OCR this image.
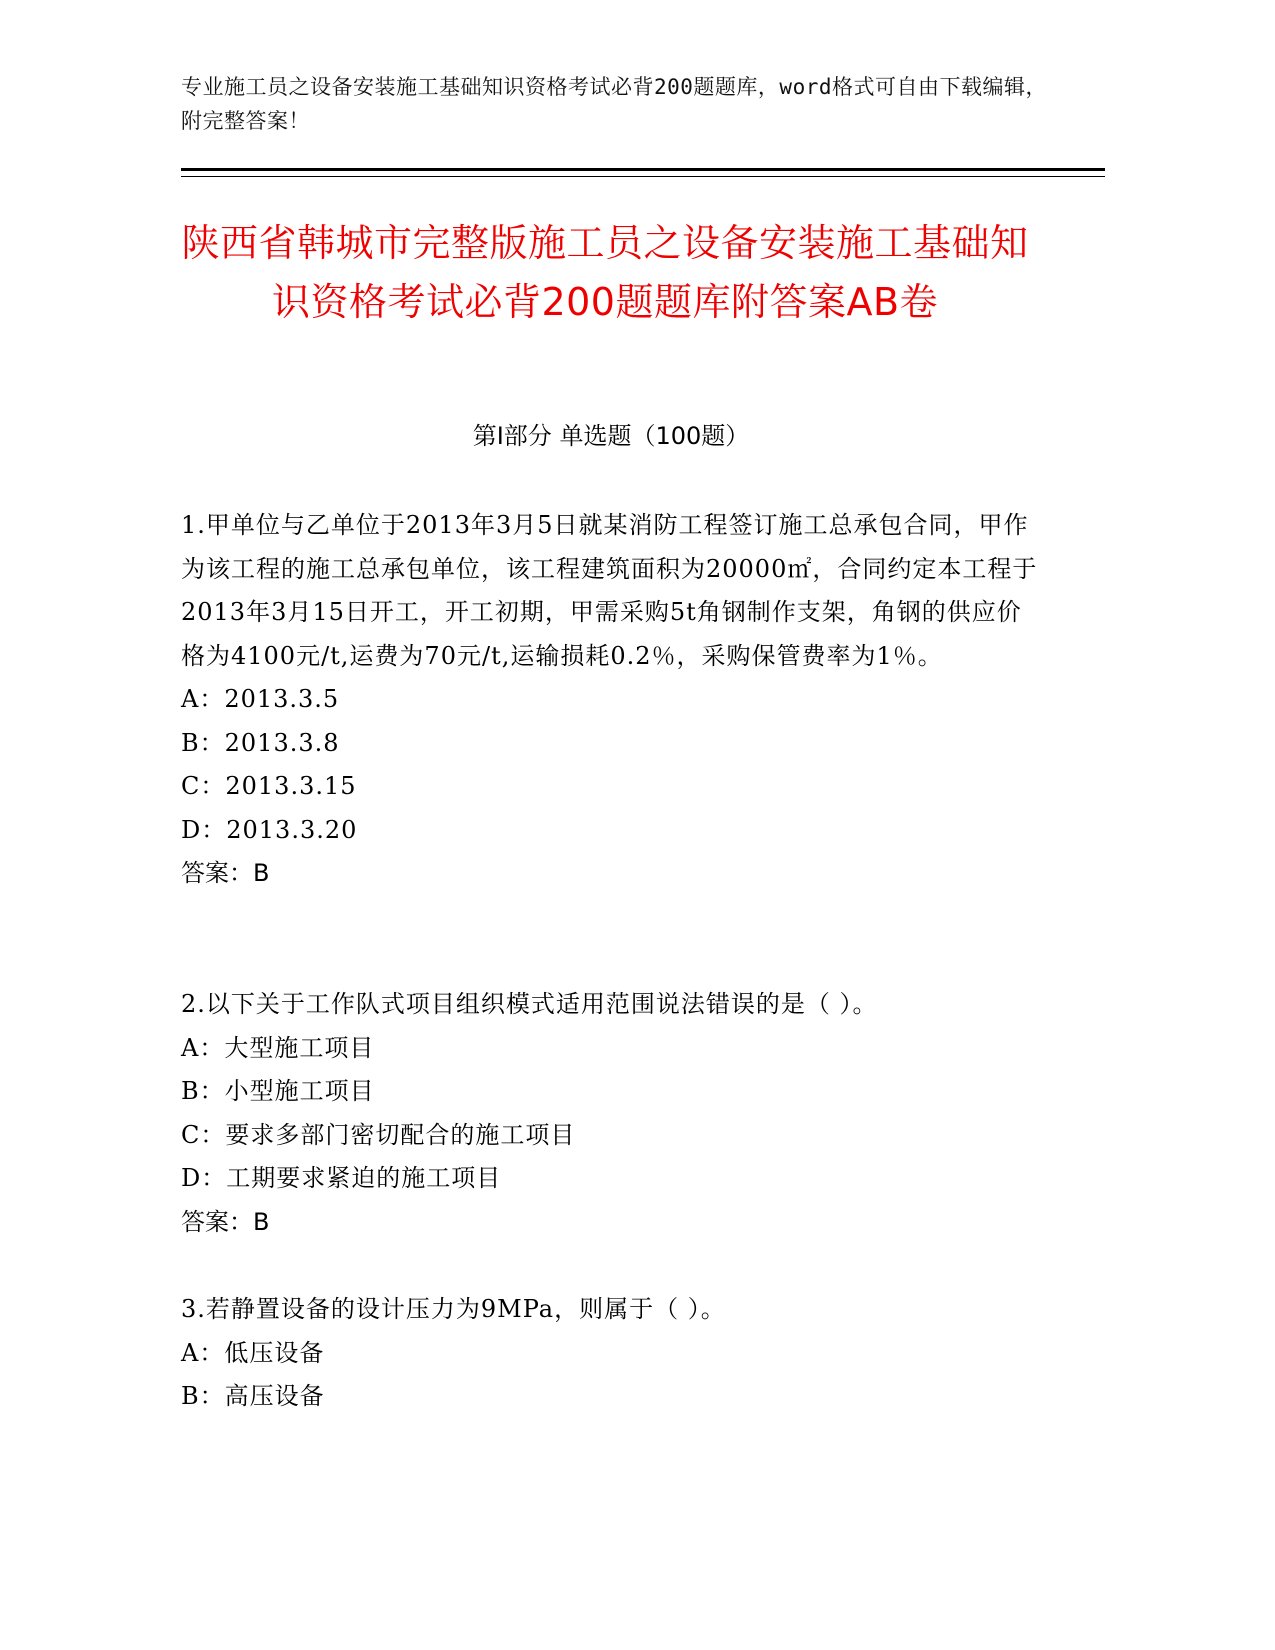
专业施工员之设备安装施工基础知识资格考试必背200题题库，word格式可自由下载编辑，附完整答案！
陕西省韩城市完整版施工员之设备安装施工基础知识资格考试必背200题题库附答案AB卷
第Ⅰ部分 单选题（100题）

1.甲单位与乙单位于2013年3月5日就某消防工程签订施工总承包合同，甲作为该工程的施工总承包单位，该工程建筑面积为20000㎡，合同约定本工程于2013年3月15日开工，开工初期，甲需采购5t角钢制作支架，角钢的供应价格为4100元/t,运费为70元/t,运输损耗0.2％，采购保管费率为1％。

A：2013.3.5

B：2013.3.8

C：2013.3.15

D：2013.3.20

答案：B

2.以下关于工作队式项目组织模式适用范围说法错误的是（ ）。

A：大型施工项目

B：小型施工项目

C：要求多部门密切配合的施工项目

D：工期要求紧迫的施工项目

答案：B

3.若静置设备的设计压力为9MPa，则属于（ ）。

A：低压设备

B：高压设备
